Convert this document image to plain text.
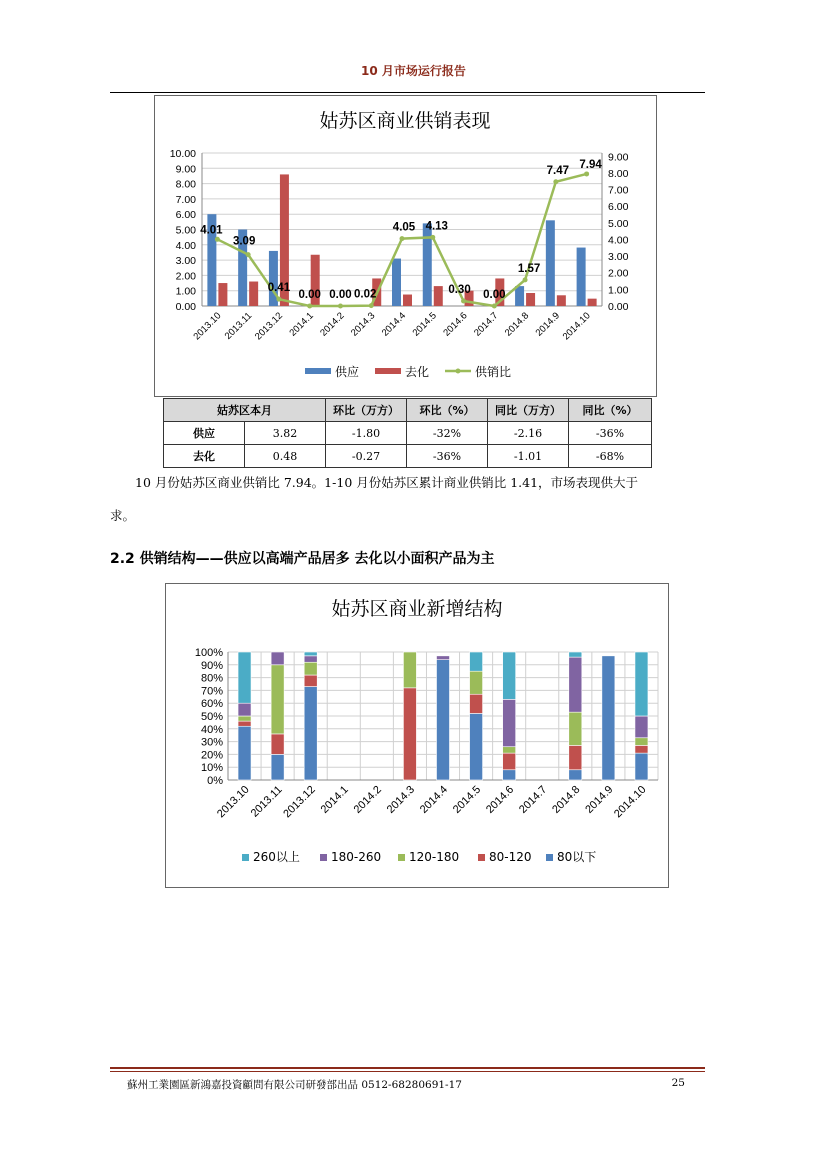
10 月市场运行报告
姑苏区商业供销表现
0.00
1.00
2.00
3.00
4.00
5.00
6.00
7.00
8.00
9.00
10.00
0.00
1.00
2.00
3.00
4.00
5.00
6.00
7.00
8.00
9.00
2013.10 2013.11
2013.12 2014.1 2014.2 2014.3 2014.4 2014.5 2014.6 2014.7 2014.8 2014.9
2014.10
4.01
3.09
0.41
0.00 0.00 0.02
4.05 4.13
0.30 0.00
1.57
7.47 7.94
供应	去化	供销比
姑苏区本月		环比（万方）	环比（%）	同比（万方）	同比（%）
供应	3.82	-1.80	-32%	-2.16	-36%
去化	0.48	-0.27	-36%	-1.01	-68%
10 月份姑苏区商业供销比 7.94。1-10 月份姑苏区累计商业供销比 1.41，市场表现供大于
求。
2.2 供销结构——供应以高端产品居多 去化以小面积产品为主
姑苏区商业新增结构
0%
10%
20%
30%
40%
50%
60%
70%
80%
90%
100%
2013.10
2013.11
2013.12 2014.1 2014.2 2014.3 2014.4 2014.5 2014.6 2014.7 2014.8 2014.9
2014.10
260以上	180-260 120-180 80-120 80以下
蘇州工業園區新鴻嘉投資顧問有限公司研發部出品 0512-68280691-17	25
